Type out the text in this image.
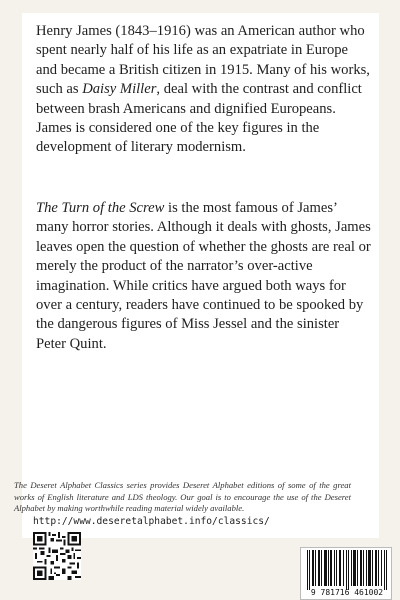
Henry James (1843–1916) was an American author who spent nearly half of his life as an expatriate in Europe and became a British citizen in 1915. Many of his works, such as Daisy Miller, deal with the contrast and conflict between brash Americans and dignified Europeans. James is considered one of the key figures in the development of literary modernism.

The Turn of the Screw is the most famous of James’ many horror stories. Although it deals with ghosts, James leaves open the question of whether the ghosts are real or merely the product of the narrator’s over-active imagination. While critics have argued both ways for over a century, readers have continued to be spooked by the dangerous figures of Miss Jessel and the sinister Peter Quint.

The Deseret Alphabet Classics series provides Deseret Alphabet editions of some of the great works of English literature and LDS theology. Our goal is to encourage the use of the Deseret Alphabet by making worthwhile reading material widely available.

http://www.deseretalphabet.info/classics/
9 781716 461002
